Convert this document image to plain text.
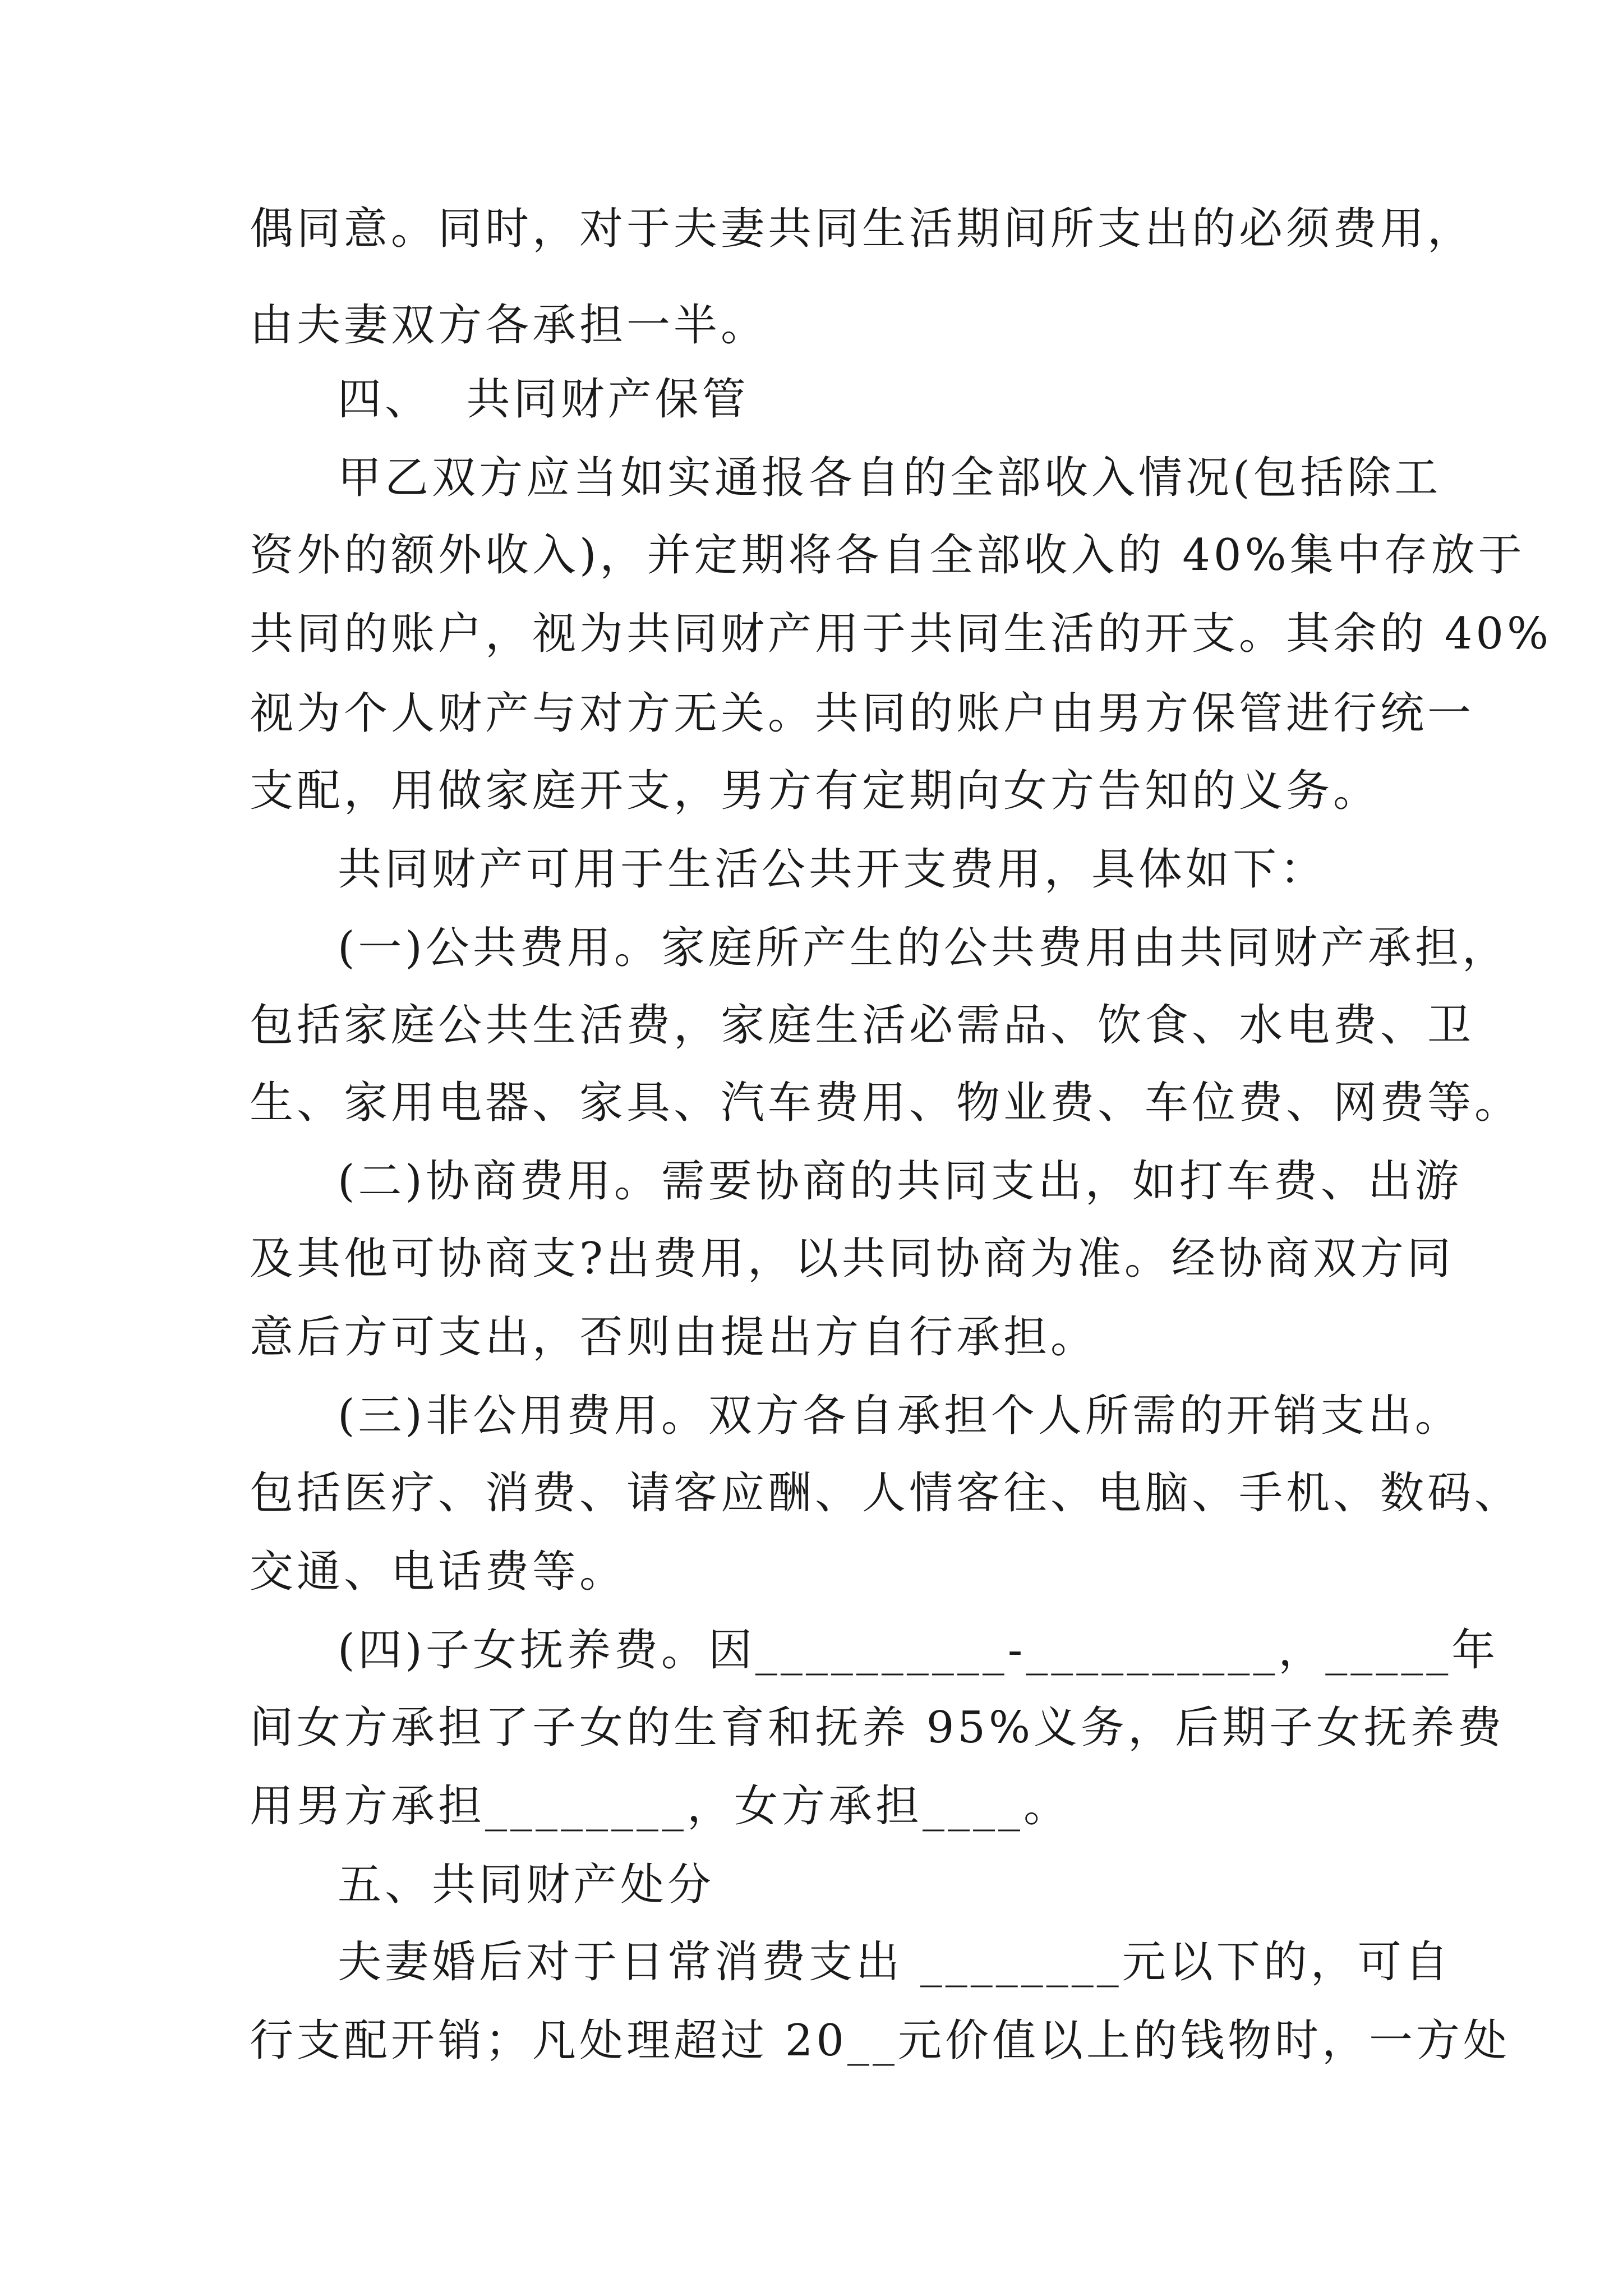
偶同意。同时，对于夫妻共同生活期间所支出的必须费用，
由夫妻双方各承担一半。
四、  共同财产保管
甲乙双方应当如实通报各自的全部收入情况(包括除工
资外的额外收入)，并定期将各自全部收入的 40%集中存放于
共同的账户，视为共同财产用于共同生活的开支。其余的 40%
视为个人财产与对方无关。共同的账户由男方保管进行统一
支配，用做家庭开支，男方有定期向女方告知的义务。
共同财产可用于生活公共开支费用，具体如下：
(一)公共费用。家庭所产生的公共费用由共同财产承担，
包括家庭公共生活费，家庭生活必需品、饮食、水电费、卫
生、家用电器、家具、汽车费用、物业费、车位费、网费等。
(二)协商费用。需要协商的共同支出，如打车费、出游
及其他可协商支?出费用，以共同协商为准。经协商双方同
意后方可支出，否则由提出方自行承担。
(三)非公用费用。双方各自承担个人所需的开销支出。
包括医疗、消费、请客应酬、人情客往、电脑、手机、数码、
交通、电话费等。
(四)子女抚养费。因__________-__________，_____年
间女方承担了子女的生育和抚养 95%义务，后期子女抚养费
用男方承担________，女方承担____。
五、共同财产处分
夫妻婚后对于日常消费支出 ________元以下的，可自
行支配开销；凡处理超过 20__元价值以上的钱物时，一方处
